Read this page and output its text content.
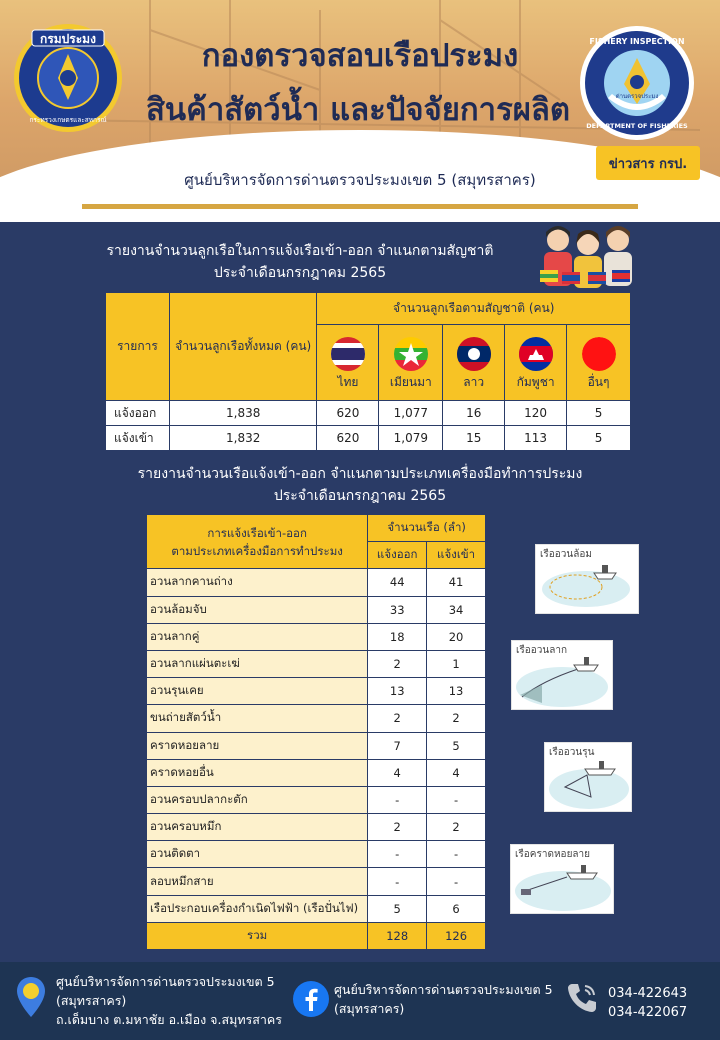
กรมประมง
กระทรวงเกษตรและสหกรณ์
FISHERY INSPECTION
ด่านตรวจประมง
DEPARTMENT OF FISHERIES
กองตรวจสอบเรือประมง
สินค้าสัตว์น้ำ และปัจจัยการผลิต
ข่าวสาร กรป.
ศูนย์บริหารจัดการด่านตรวจประมงเขต 5 (สมุทรสาคร)
รายงานจำนวนลูกเรือในการแจ้งเรือเข้า-ออก จำแนกตามสัญชาติ
ประจำเดือนกรกฎาคม 2565
รายการ	จำนวนลูกเรือทั้งหมด (คน)	จำนวนลูกเรือตามสัญชาติ (คน)				

ไทย	เมียนมา	ลาว	กัมพูชา	อื่นๆ
แจ้งออก	1,838	620	1,077	16	120	5
แจ้งเข้า	1,832	620	1,079	15	113	5
รายงานจำนวนเรือแจ้งเข้า-ออก จำแนกตามประเภทเครื่องมือทำการประมง
ประจำเดือนกรกฎาคม 2565
การแจ้งเรือเข้า-ออก
ตามประเภทเครื่องมือการทำประมง	จำนวนเรือ (ลำ)	
	แจ้งออก	แจ้งเข้า
อวนลากคานถ่าง	44	41
อวนล้อมจับ	33	34
อวนลากคู่	18	20
อวนลากแผ่นตะเฆ่	2	1
อวนรุนเคย	13	13
ขนถ่ายสัตว์น้ำ	2	2
คราดหอยลาย	7	5
คราดหอยอื่น	4	4
อวนครอบปลากะตัก	-	-
อวนครอบหมึก	2	2
อวนติดตา	-	-
ลอบหมึกสาย	-	-
เรือประกอบเครื่องกำเนิดไฟฟ้า (เรือปั่นไฟ)	5	6
รวม	128	126
เรืออวนล้อม
เรืออวนลาก
เรืออวนรุน
เรือคราดหอยลาย
ศูนย์บริหารจัดการด่านตรวจประมงเขต 5
(สมุทรสาคร)
ถ.เด็มบาง ต.มหาชัย อ.เมือง จ.สมุทรสาคร
ศูนย์บริหารจัดการด่านตรวจประมงเขต 5
(สมุทรสาคร)
034-422643
034-422067
